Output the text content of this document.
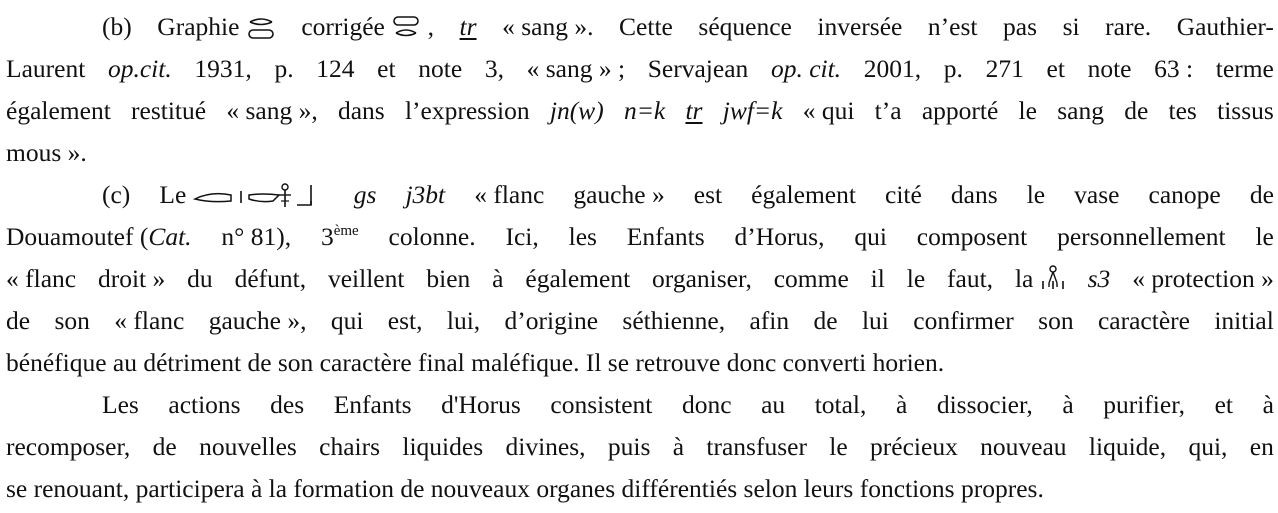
(b) Graphie	corrigée , tr « sang ». Cette séquence inversée n’est pas si rare. Gauthier-
Laurent op.cit. 1931, p. 124 et note 3, « sang » ; Servajean op. cit. 2001, p. 271 et note 63 : terme
également restitué « sang », dans l’expression jn(w) n=k tr jwf=k « qui t’a apporté le sang de tes tissus
mous ».
(c) Le	gs j3bt « flanc gauche » est également cité dans le vase canope de
Douamoutef (Cat. n° 81), 3ème colonne. Ici, les Enfants d’Horus, qui composent personnellement le
« flanc droit » du défunt, veillent bien à également organiser, comme il le faut, la	s3 « protection »
de son « flanc gauche », qui est, lui, d’origine séthienne, afin de lui confirmer son caractère initial
bénéfique au détriment de son caractère final maléfique. Il se retrouve donc converti horien.
Les actions des Enfants d'Horus consistent donc au total, à dissocier, à purifier, et à
recomposer, de nouvelles chairs liquides divines, puis à transfuser le précieux nouveau liquide, qui, en
se renouant, participera à la formation de nouveaux organes différentiés selon leurs fonctions propres.
